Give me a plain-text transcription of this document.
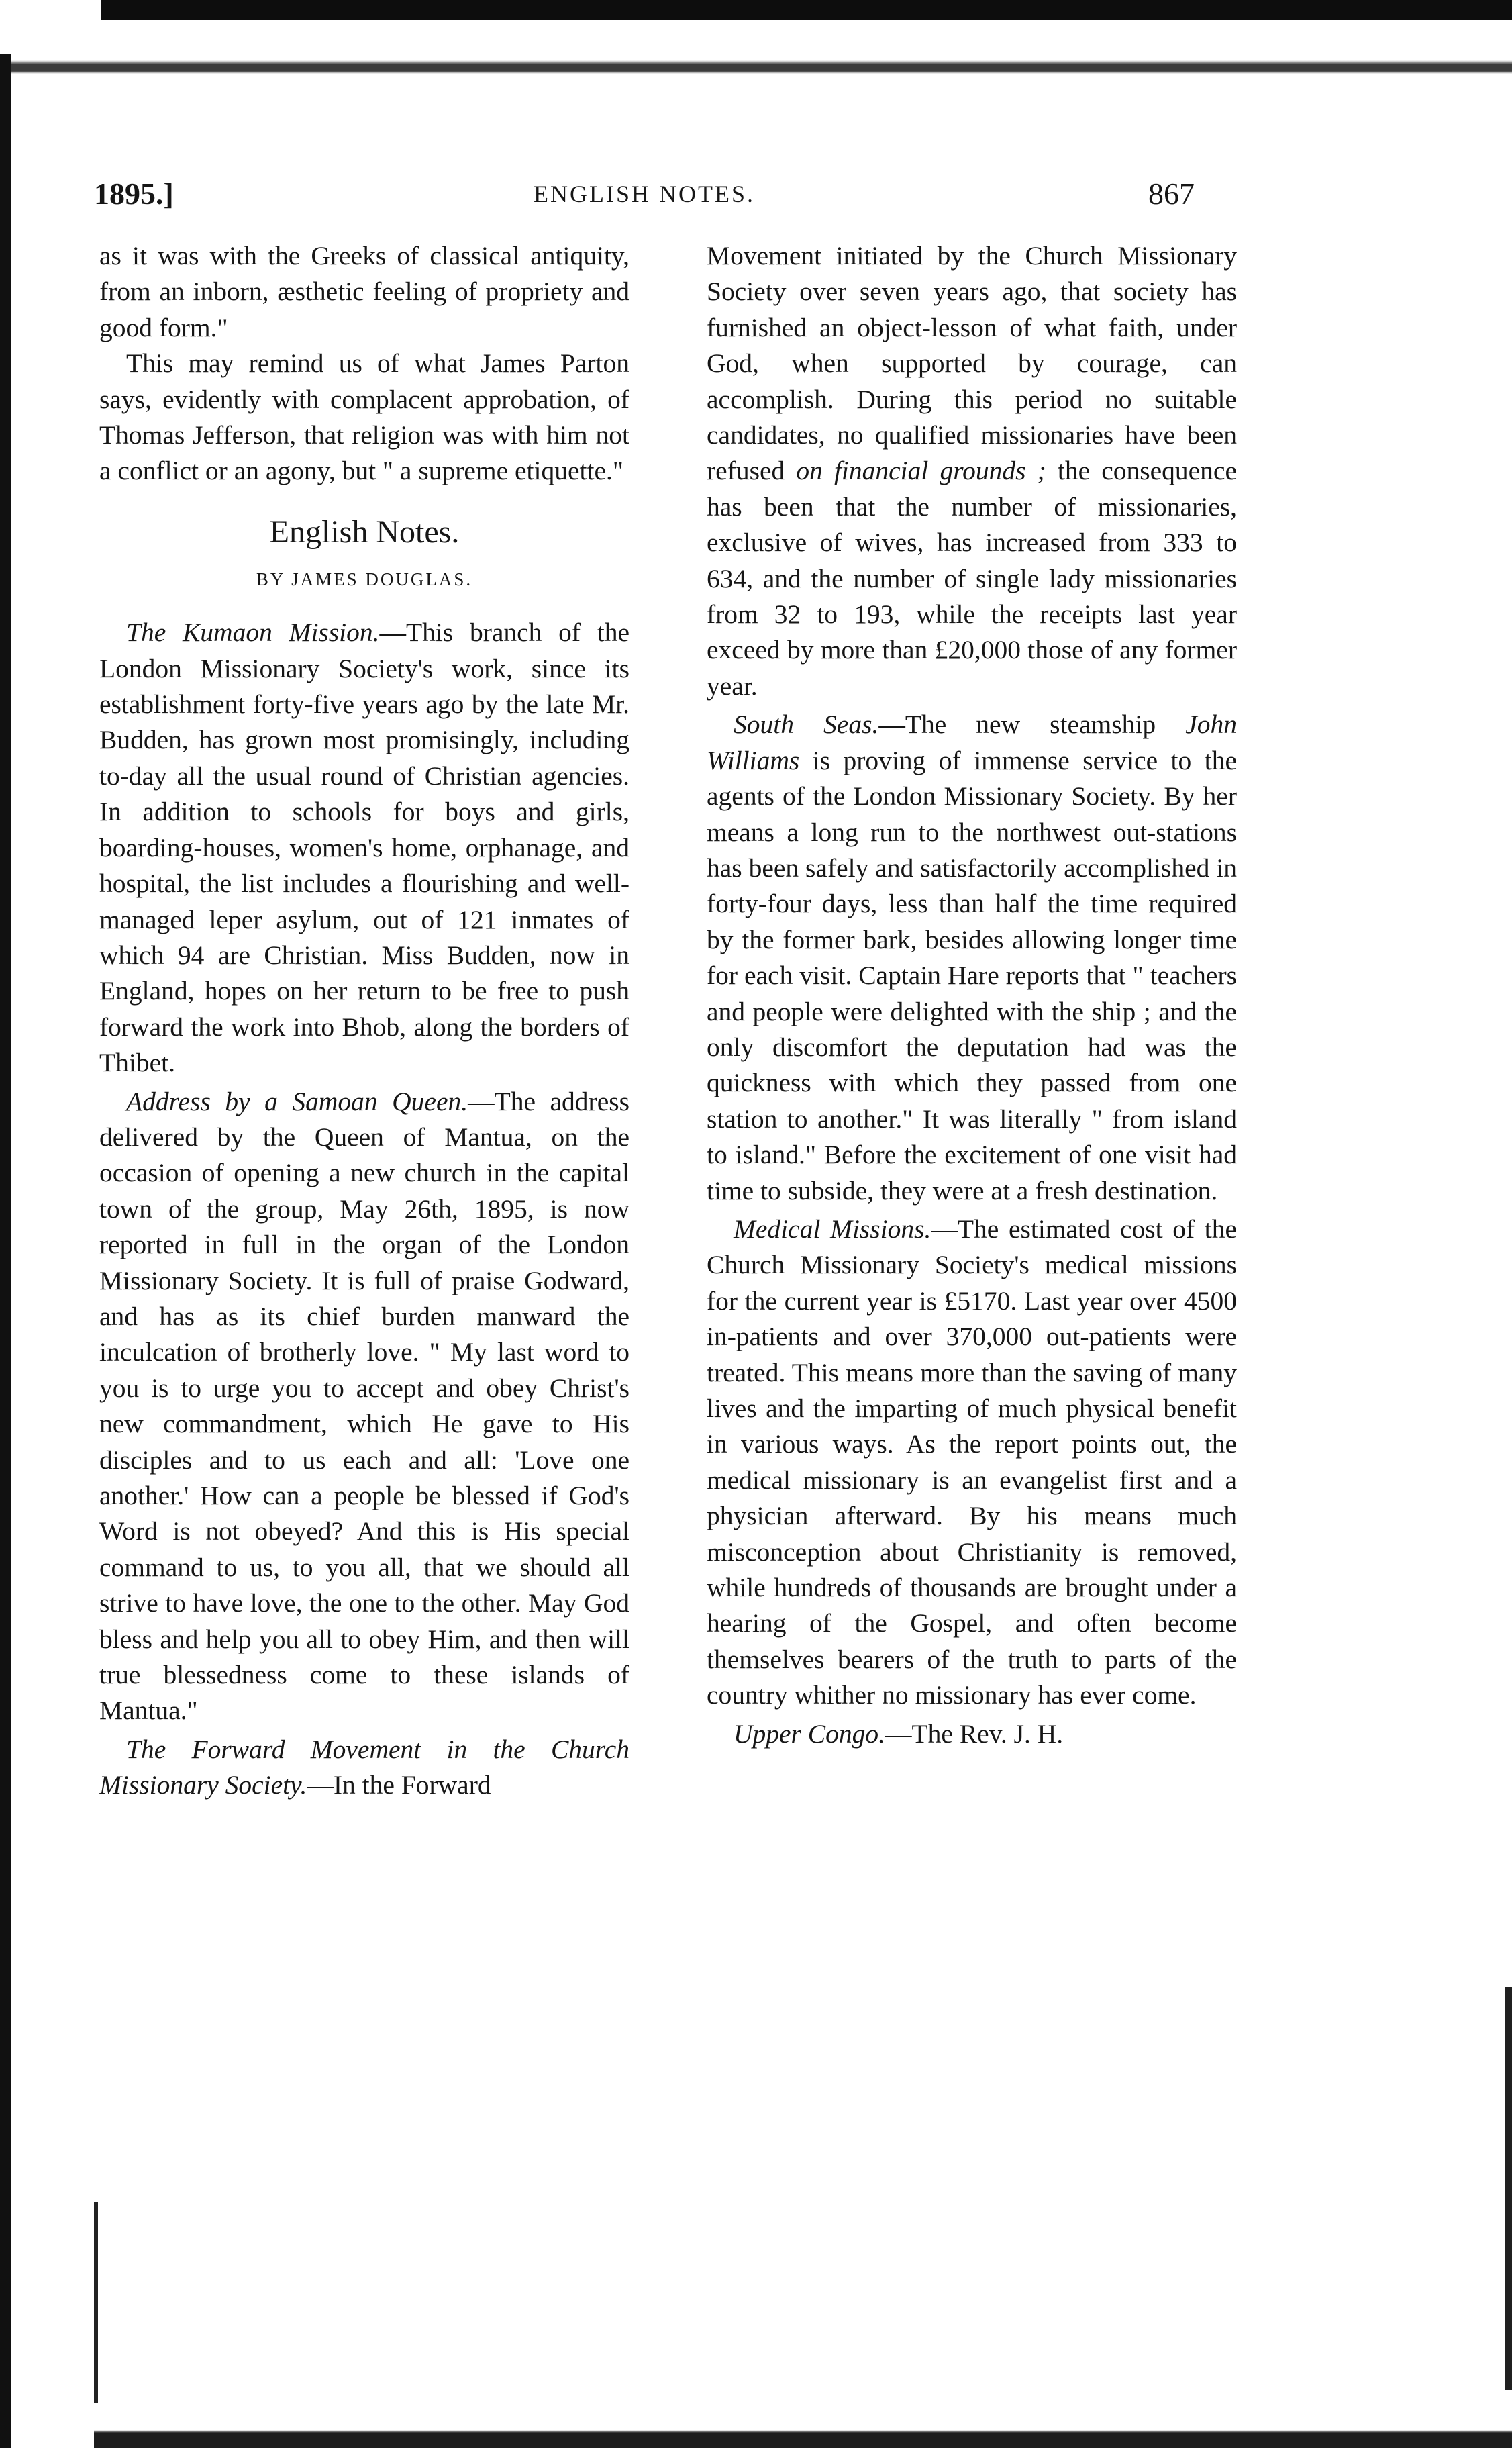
1895.]	ENGLISH NOTES.	867

as it was with the Greeks of classical antiquity, from an inborn, æsthetic feeling of propriety and good form."

This may remind us of what James Parton says, evidently with complacent approbation, of Thomas Jefferson, that religion was with him not a conflict or an agony, but " a supreme etiquette."

English Notes.
BY JAMES DOUGLAS.

The Kumaon Mission.—This branch of the London Missionary Society's work, since its establishment forty-five years ago by the late Mr. Budden, has grown most promisingly, including to-day all the usual round of Christian agencies. In addition to schools for boys and girls, boarding-houses, women's home, orphanage, and hospital, the list includes a flourishing and well-managed leper asylum, out of 121 inmates of which 94 are Christian. Miss Budden, now in England, hopes on her return to be free to push forward the work into Bhob, along the borders of Thibet.

Address by a Samoan Queen.—The address delivered by the Queen of Mantua, on the occasion of opening a new church in the capital town of the group, May 26th, 1895, is now reported in full in the organ of the London Missionary Society. It is full of praise Godward, and has as its chief burden manward the inculcation of brotherly love. " My last word to you is to urge you to accept and obey Christ's new commandment, which He gave to His disciples and to us each and all: 'Love one another.' How can a people be blessed if God's Word is not obeyed? And this is His special command to us, to you all, that we should all strive to have love, the one to the other. May God bless and help you all to obey Him, and then will true blessedness come to these islands of Mantua."

The Forward Movement in the Church Missionary Society.—In the Forward

Movement initiated by the Church Missionary Society over seven years ago, that society has furnished an object-lesson of what faith, under God, when supported by courage, can accomplish. During this period no suitable candidates, no qualified missionaries have been refused on financial grounds ; the consequence has been that the number of missionaries, exclusive of wives, has increased from 333 to 634, and the number of single lady missionaries from 32 to 193, while the receipts last year exceed by more than £20,000 those of any former year.

South Seas.—The new steamship John Williams is proving of immense service to the agents of the London Missionary Society. By her means a long run to the northwest out-stations has been safely and satisfactorily accomplished in forty-four days, less than half the time required by the former bark, besides allowing longer time for each visit. Captain Hare reports that " teachers and people were delighted with the ship ; and the only discomfort the deputation had was the quickness with which they passed from one station to another." It was literally " from island to island." Before the excitement of one visit had time to subside, they were at a fresh destination.

Medical Missions.—The estimated cost of the Church Missionary Society's medical missions for the current year is £5170. Last year over 4500 in-patients and over 370,000 out-patients were treated. This means more than the saving of many lives and the imparting of much physical benefit in various ways. As the report points out, the medical missionary is an evangelist first and a physician afterward. By his means much misconception about Christianity is removed, while hundreds of thousands are brought under a hearing of the Gospel, and often become themselves bearers of the truth to parts of the country whither no missionary has ever come.

Upper Congo.—The Rev. J. H.
